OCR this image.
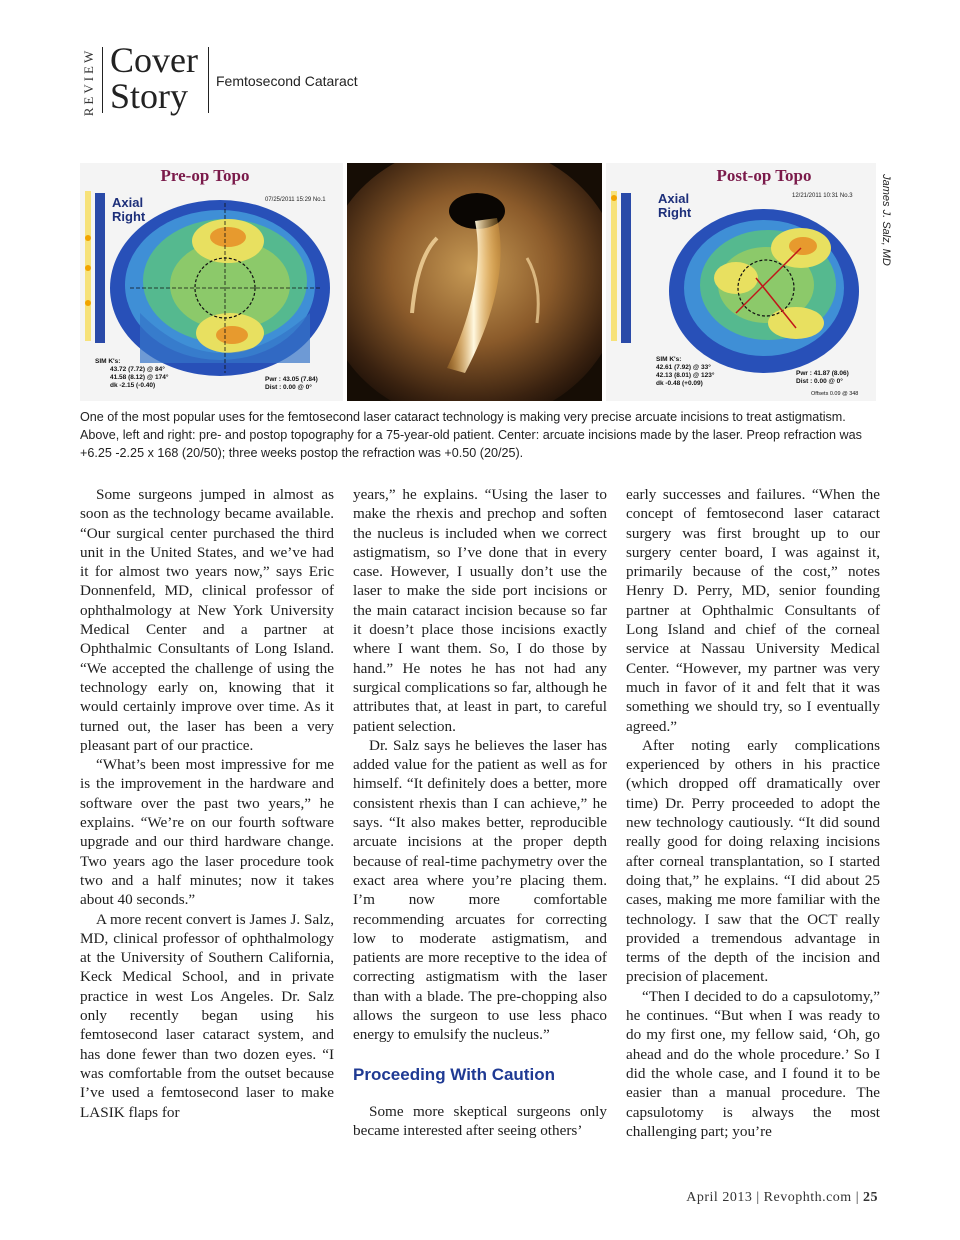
REVIEW Cover
Story	Femtosecond Cataract
Pre-op Topo
Axial
Right
07/25/2011 15:29 No.1
SIM K's:
43.72 (7.72) @ 84°
41.58 (8.12) @ 174°
dk -2.15 (-0.40)
Pwr : 43.05 (7.84)
Dist : 0.00 @ 0°
Post-op Topo
Axial
Right
12/21/2011 10:31 No.3
SIM K's:
42.61 (7.92) @ 33°
42.13 (8.01) @ 123°
dk -0.48 (+0.09)
Pwr : 41.87 (8.06)
Dist : 0.00 @ 0°
Offsets 0.09 @ 348
James J. Salz, MD
One of the most popular uses for the femtosecond laser cataract technology is making very precise arcuate incisions to treat astigmatism. Above, left and right: pre- and postop topography for a 75-year-old patient. Center: arcuate incisions made by the laser. Preop refraction was +6.25 -2.25 x 168 (20/50); three weeks postop the refraction was +0.50 (20/25).

Some surgeons jumped in almost as soon as the technology became available. “Our surgical center purchased the third unit in the United States, and we’ve had it for almost two years now,” says Eric Donnenfeld, MD, clinical professor of ophthalmology at New York University Medical Center and a partner at Ophthalmic Consultants of Long Island. “We accepted the challenge of using the technology early on, knowing that it would certainly improve over time. As it turned out, the laser has been a very pleasant part of our practice.

“What’s been most impressive for me is the improvement in the hardware and software over the past two years,” he explains. “We’re on our fourth software upgrade and our third hardware change. Two years ago the laser procedure took two and a half minutes; now it takes about 40 seconds.”

A more recent convert is James J. Salz, MD, clinical professor of ophthalmology at the University of Southern California, Keck Medical School, and in private practice in west Los Angeles. Dr. Salz only recently began using his femtosecond laser cataract system, and has done fewer than two dozen eyes. “I was comfortable from the outset because I’ve used a femtosecond laser to make LASIK flaps for

years,” he explains. “Using the laser to make the rhexis and prechop and soften the nucleus is included when we correct astigmatism, so I’ve done that in every case. However, I usually don’t use the laser to make the side port incisions or the main cataract incision because so far it doesn’t place those incisions exactly where I want them. So, I do those by hand.” He notes he has not had any surgical complications so far, although he attributes that, at least in part, to careful patient selection.

Dr. Salz says he believes the laser has added value for the patient as well as for himself. “It definitely does a better, more consistent rhexis than I can achieve,” he says. “It also makes better, reproducible arcuate incisions at the proper depth because of real-time pachymetry over the exact area where you’re placing them. I’m now more comfortable recommending arcuates for correcting low to moderate astigmatism, and patients are more receptive to the idea of correcting astigmatism with the laser than with a blade. The pre-chopping also allows the surgeon to use less phaco energy to emulsify the nucleus.”

Proceeding With Caution

Some more skeptical surgeons only became interested after seeing others’

early successes and failures. “When the concept of femtosecond laser cataract surgery was first brought up to our surgery center board, I was against it, primarily because of the cost,” notes Henry D. Perry, MD, senior founding partner at Ophthalmic Consultants of Long Island and chief of the corneal service at Nassau University Medical Center. “However, my partner was very much in favor of it and felt that it was something we should try, so I eventually agreed.”

After noting early complications experienced by others in his practice (which dropped off dramatically over time) Dr. Perry proceeded to adopt the new technology cautiously. “It did sound really good for doing relaxing incisions after corneal transplantation, so I started doing that,” he explains. “I did about 25 cases, making me more familiar with the technology. I saw that the OCT really provided a tremendous advantage in terms of the depth of the incision and precision of placement.

“Then I decided to do a capsulotomy,” he continues. “But when I was ready to do my first one, my fellow said, ‘Oh, go ahead and do the whole procedure.’ So I did the whole case, and I found it to be easier than a manual procedure. The capsulotomy is always the most challenging part; you’re

April 2013 | Revophth.com | 25
